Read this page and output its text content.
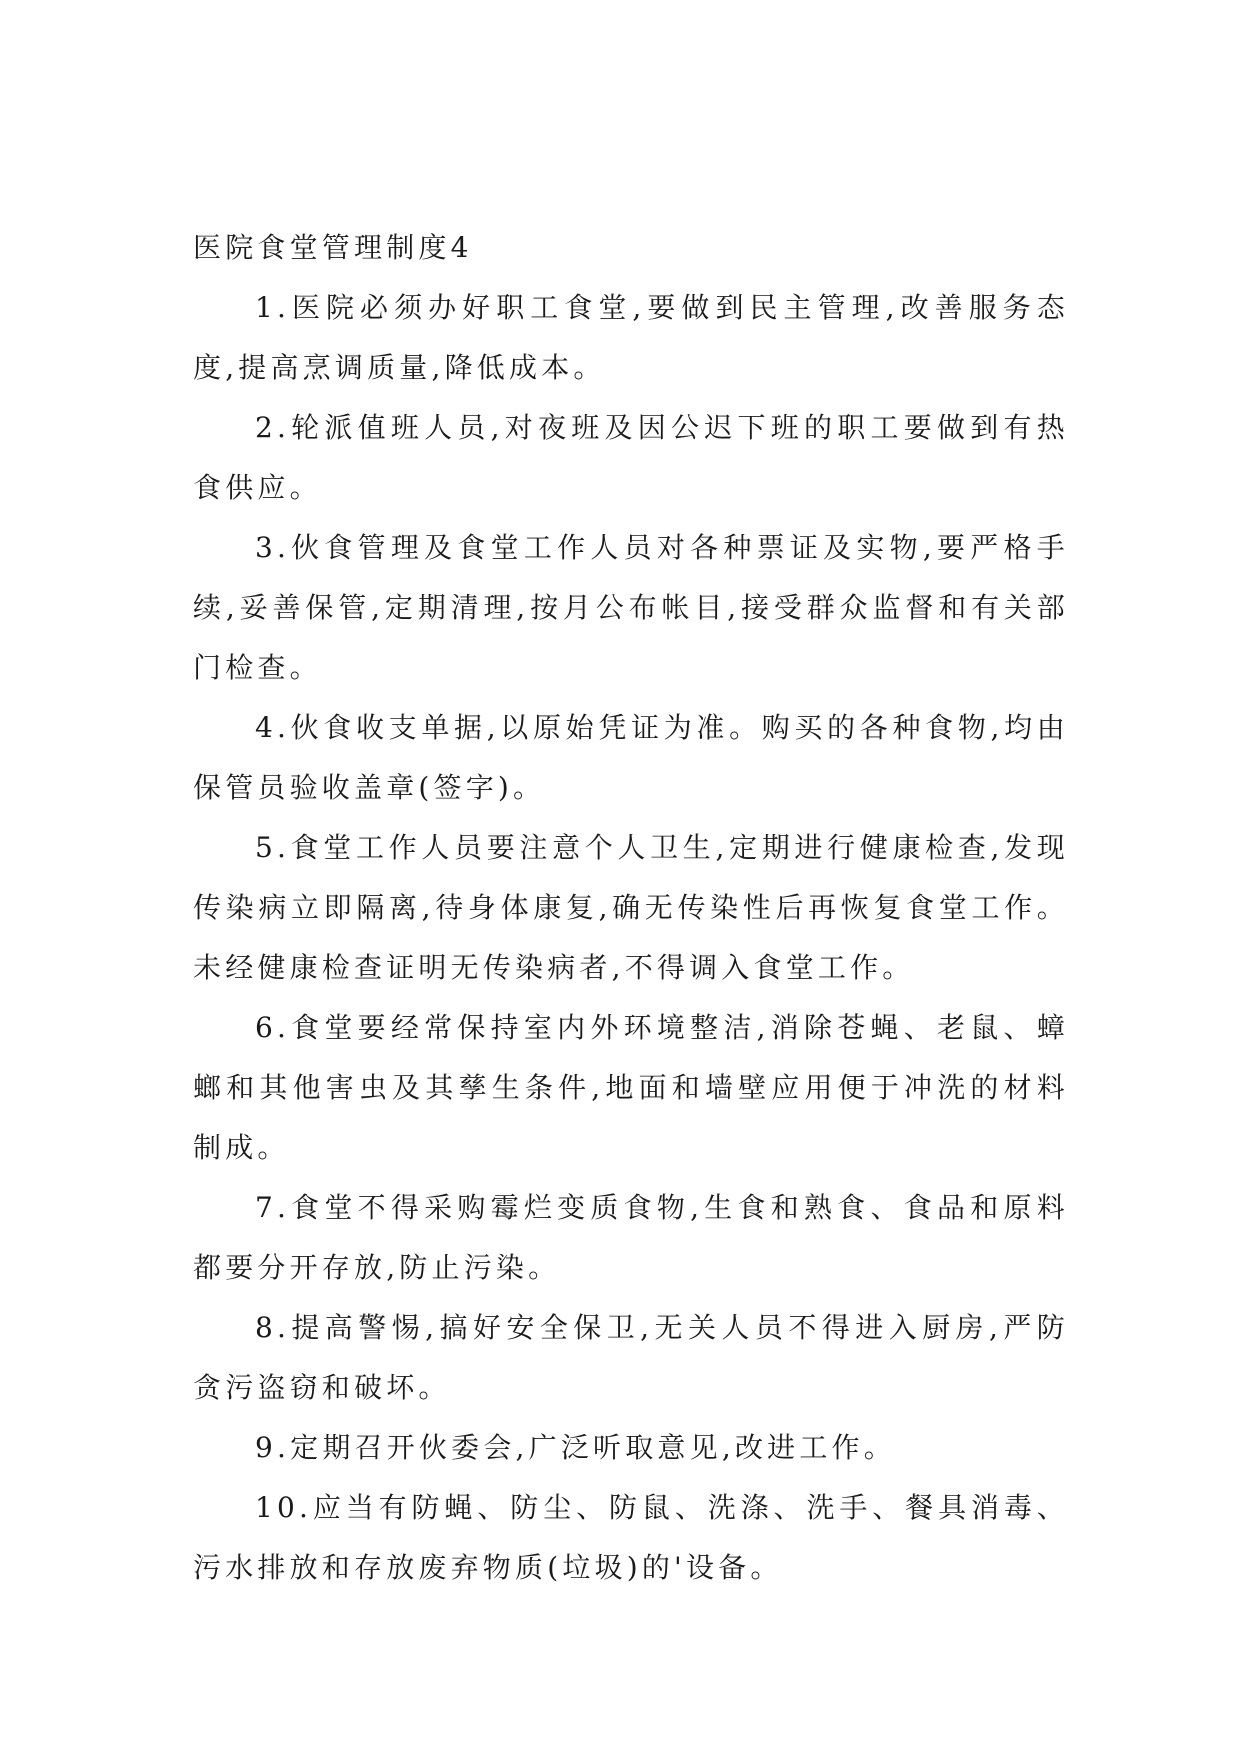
医院食堂管理制度4

1.医院必须办好职工食堂,要做到民主管理,改善服务态度,提高烹调质量,降低成本。

2.轮派值班人员,对夜班及因公迟下班的职工要做到有热食供应。

3.伙食管理及食堂工作人员对各种票证及实物,要严格手续,妥善保管,定期清理,按月公布帐目,接受群众监督和有关部门检查。

4.伙食收支单据,以原始凭证为准。购买的各种食物,均由保管员验收盖章(签字)。

5.食堂工作人员要注意个人卫生,定期进行健康检查,发现传染病立即隔离,待身体康复,确无传染性后再恢复食堂工作。未经健康检查证明无传染病者,不得调入食堂工作。

6.食堂要经常保持室内外环境整洁,消除苍蝇、老鼠、蟑螂和其他害虫及其孳生条件,地面和墙壁应用便于冲洗的材料制成。

7.食堂不得采购霉烂变质食物,生食和熟食、食品和原料都要分开存放,防止污染。

8.提高警惕,搞好安全保卫,无关人员不得进入厨房,严防贪污盗窃和破坏。

9.定期召开伙委会,广泛听取意见,改进工作。

10.应当有防蝇、防尘、防鼠、洗涤、洗手、餐具消毒、污水排放和存放废弃物质(垃圾)的'设备。
